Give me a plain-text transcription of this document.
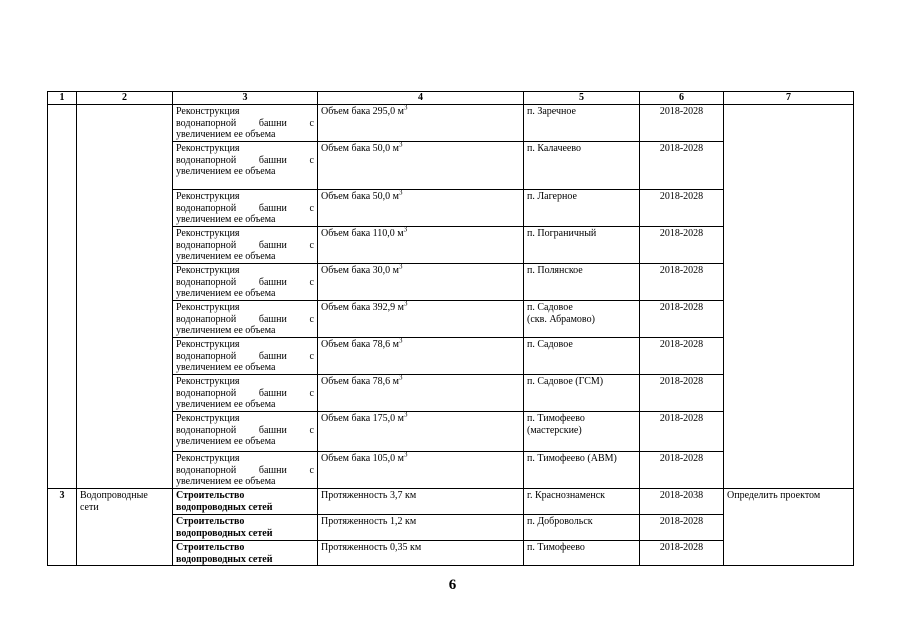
1	2	3	4	5	6	7

		Реконструкция
водонапорной башни с
увеличением ее объема	Объем бака 295,0 $м^3$	п. Заречное	2018-2028	

		Реконструкция
водонапорной башни с
увеличением ее объема	Объем бака 50,0 $м^3$	п. Калачеево	2018-2028	

		Реконструкция
водонапорной башни с
увеличением ее объема	Объем бака 50,0 $м^3$	п. Лагерное	2018-2028	

		Реконструкция
водонапорной башни с
увеличением ее объема	Объем бака 110,0 $м^3$	п. Пограничный	2018-2028	

		Реконструкция
водонапорной башни с
увеличением ее объема	Объем бака 30,0 $м^3$	п. Полянское	2018-2028	

		Реконструкция
водонапорной башни с
увеличением ее объема	Объем бака 392,9 $м^3$	п. Садовое
(скв. Абрамово)	2018-2028	

		Реконструкция
водонапорной башни с
увеличением ее объема	Объем бака 78,6 $м^3$	п. Садовое	2018-2028	

		Реконструкция
водонапорной башни с
увеличением ее объема	Объем бака 78,6 $м^3$	п. Садовое (ГСМ)	2018-2028	

		Реконструкция
водонапорной башни с
увеличением ее объема	Объем бака 175,0 $м^3$	п. Тимофеево
(мастерские)	2018-2028	

		Реконструкция
водонапорной башни с
увеличением ее объема	Объем бака 105,0 $м^3$	п. Тимофеево (АВМ)	2018-2028	
3	Водопроводные
сети	Строительство
водопроводных сетей	Протяженность 3,7 км	г. Краснознаменск	2018-2038	Определить проектом
		Строительство
водопроводных сетей	Протяженность 1,2 км	п. Добровольск	2018-2028	
		Строительство
водопроводных сетей	Протяженность 0,35 км	п. Тимофеево	2018-2028	
6
